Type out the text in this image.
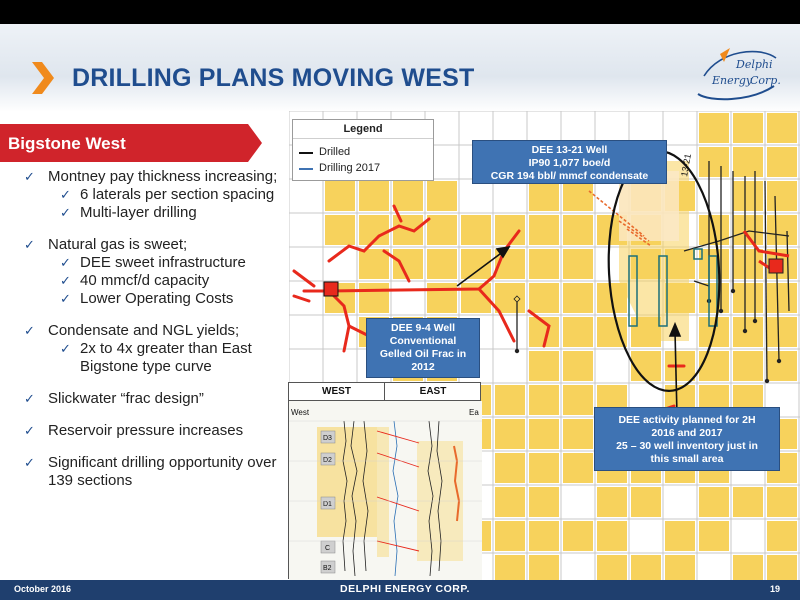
DRILLING PLANS MOVING WEST	Delphi
Energy
Corp.
Bigstone West
✓ Montney pay thickness increasing;
✓ 6 laterals per section spacing
✓ Multi-layer drilling
✓ Natural gas is sweet;
✓ DEE sweet infrastructure
✓ 40 mmcf/d capacity
✓ Lower Operating Costs
✓ Condensate and NGL yields;
✓ 2x to 4x greater than East Bigstone type curve
✓ Slickwater “frac design”
✓ Reservoir pressure increases
✓ Significant drilling opportunity over 139 sections
13-21
Legend
Drilled
Drilling 2017
DEE 13-21 Well
IP90 1,077 boe/d
CGR 194 bbl/ mmcf condensate
DEE 9-4 Well
Conventional
Gelled Oil Frac in
2012
DEE activity planned for 2H
2016 and 2017
25 – 30 well inventory just in
this small area
WEST	EAST
West	Ea
D3
D2
D1
C
B2
October 2016	DELPHI ENERGY CORP.	19
